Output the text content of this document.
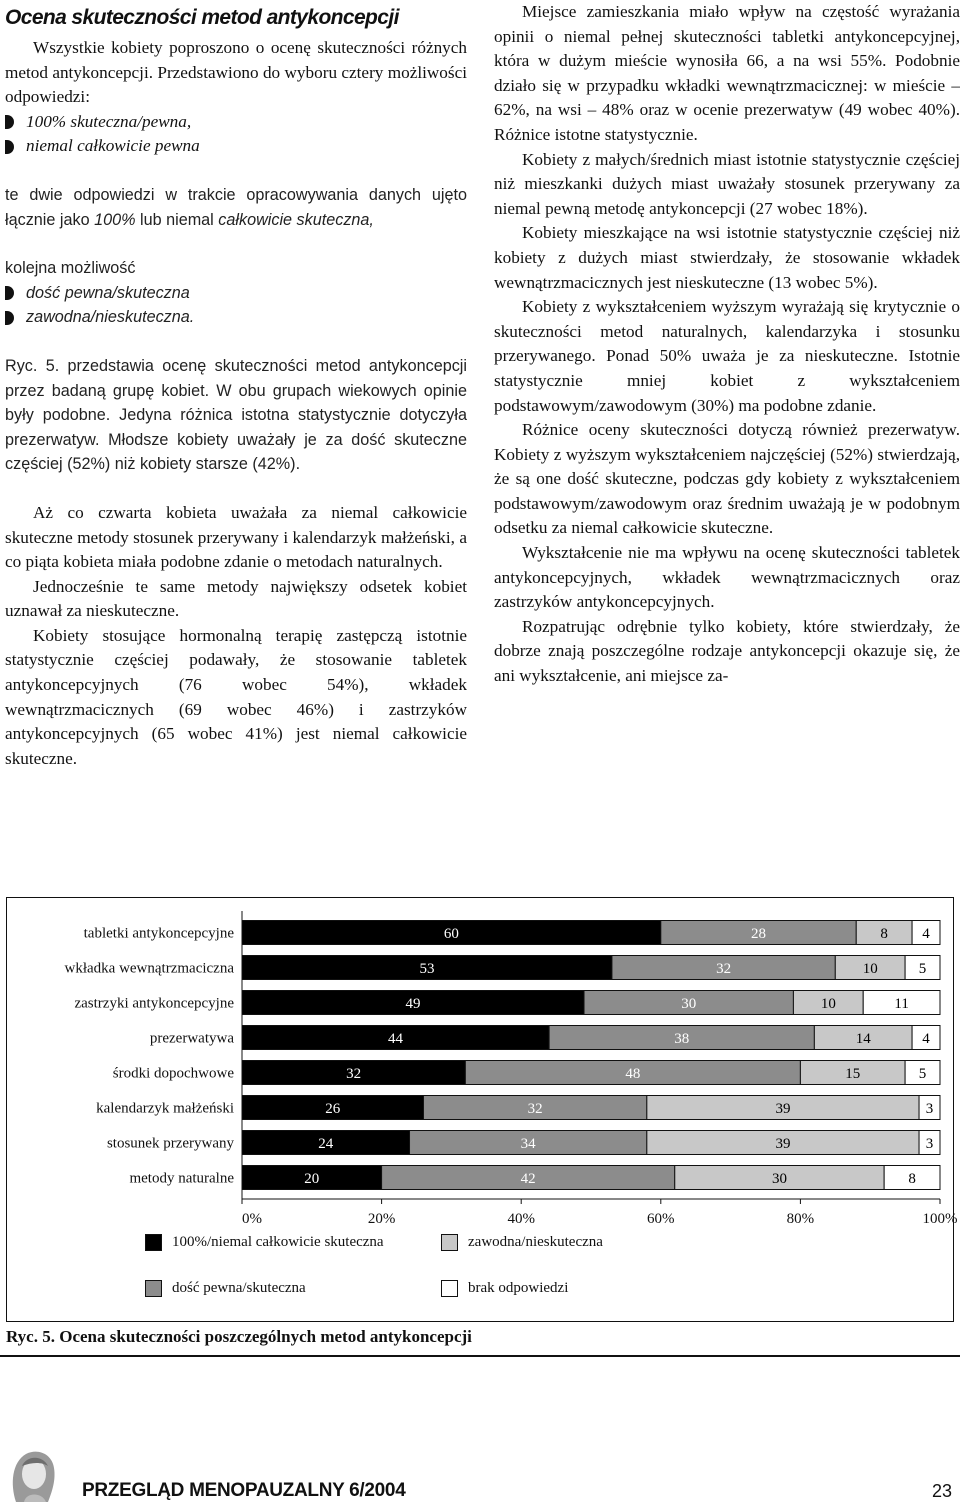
Ocena skuteczności metod antykoncepcji

Wszystkie kobiety poproszono o ocenę skuteczności różnych metod antykoncepcji. Przedstawiono do wyboru cztery możliwości odpowiedzi:

100% skuteczna/pewna,
niemal całkowicie pewna

te dwie odpowiedzi w trakcie opracowywania danych ujęto łącznie jako 100% lub niemal całkowicie skuteczna,

kolejna możliwość

dość pewna/skuteczna
zawodna/nieskuteczna.

Ryc. 5. przedstawia ocenę skuteczności metod antykoncepcji przez badaną grupę kobiet. W obu grupach wiekowych opinie były podobne. Jedyna różnica istotna statystycznie dotyczyła prezerwatyw. Młodsze kobiety uważały je za dość skuteczne częściej (52%) niż kobiety starsze (42%).

Aż co czwarta kobieta uważała za niemal całkowicie skuteczne metody stosunek przerywany i kalendarzyk małżeński, a co piąta kobieta miała podobne zdanie o metodach naturalnych.

Jednocześnie te same metody największy odsetek kobiet uznawał za nieskuteczne.

Kobiety stosujące hormonalną terapię zastępczą istotnie statystycznie częściej podawały, że stosowanie tabletek antykoncepcyjnych (76 wobec 54%), wkładek wewnątrzmacicznych (69 wobec 46%) i zastrzyków antykoncepcyjnych (65 wobec 41%) jest niemal całkowicie skuteczne.

Miejsce zamieszkania miało wpływ na częstość wyrażania opinii o niemal pełnej skuteczności tabletki antykoncepcyjnej, która w dużym mieście wynosiła 66, a na wsi 55%. Podobnie działo się w przypadku wkładki wewnątrzmacicznej: w mieście – 62%, na wsi – 48% oraz w ocenie prezerwatyw (49 wobec 40%). Różnice istotne statystycznie.

Kobiety z małych/średnich miast istotnie statystycznie częściej niż mieszkanki dużych miast uważały stosunek przerywany za niemal pewną metodę antykoncepcji (27 wobec 18%).

Kobiety mieszkające na wsi istotnie statystycznie częściej niż kobiety z dużych miast stwierdzały, że stosowanie wkładek wewnątrzmacicznych jest nieskuteczne (13 wobec 5%).

Kobiety z wykształceniem wyższym wyrażają się krytycznie o skuteczności metod naturalnych, kalendarzyka i stosunku przerywanego. Ponad 50% uważa je za nieskuteczne. Istotnie statystycznie mniej kobiet z wykształceniem podstawowym/zawodowym (30%) ma podobne zdanie.

Różnice oceny skuteczności dotyczą również prezerwatyw. Kobiety z wyższym wykształceniem najczęściej (52%) stwierdzają, że są one dość skuteczne, podczas gdy kobiety z wykształceniem podstawowym/zawodowym oraz średnim uważają je w podobnym odsetku za niemal całkowicie skuteczne.

Wykształcenie nie ma wpływu na ocenę skuteczności tabletek antykoncepcyjnych, wkładek wewnątrzmacicznych oraz zastrzyków antykoncepcyjnych.

Rozpatrując odrębnie tylko kobiety, które stwierdzały, że dobrze znają poszczególne rodzaje antykoncepcji okazuje się, że ani wykształcenie, ani miejsce za-

tabletki antykoncepcyjne	60	28	8 4
wkładka wewnątrzmaciczna	53	32	10	5
zastrzyki antykoncepcyjne	49	30	10	11
prezerwatywa	44	38	14	4
środki dopochwowe	32	48	15	5
kalendarzyk małżeński	26	32	39	3
stosunek przerywany	24	34	39	3
metody naturalne	20	42	30	8
0%	20%	40%	60%	80%	100%
100%/niemal całkowicie skuteczna	zawodna/nieskuteczna
dość pewna/skuteczna	brak odpowiedzi
Ryc. 5. Ocena skuteczności poszczególnych metod antykoncepcji
PRZEGLĄD MENOPAUZALNY 6/2004	23
